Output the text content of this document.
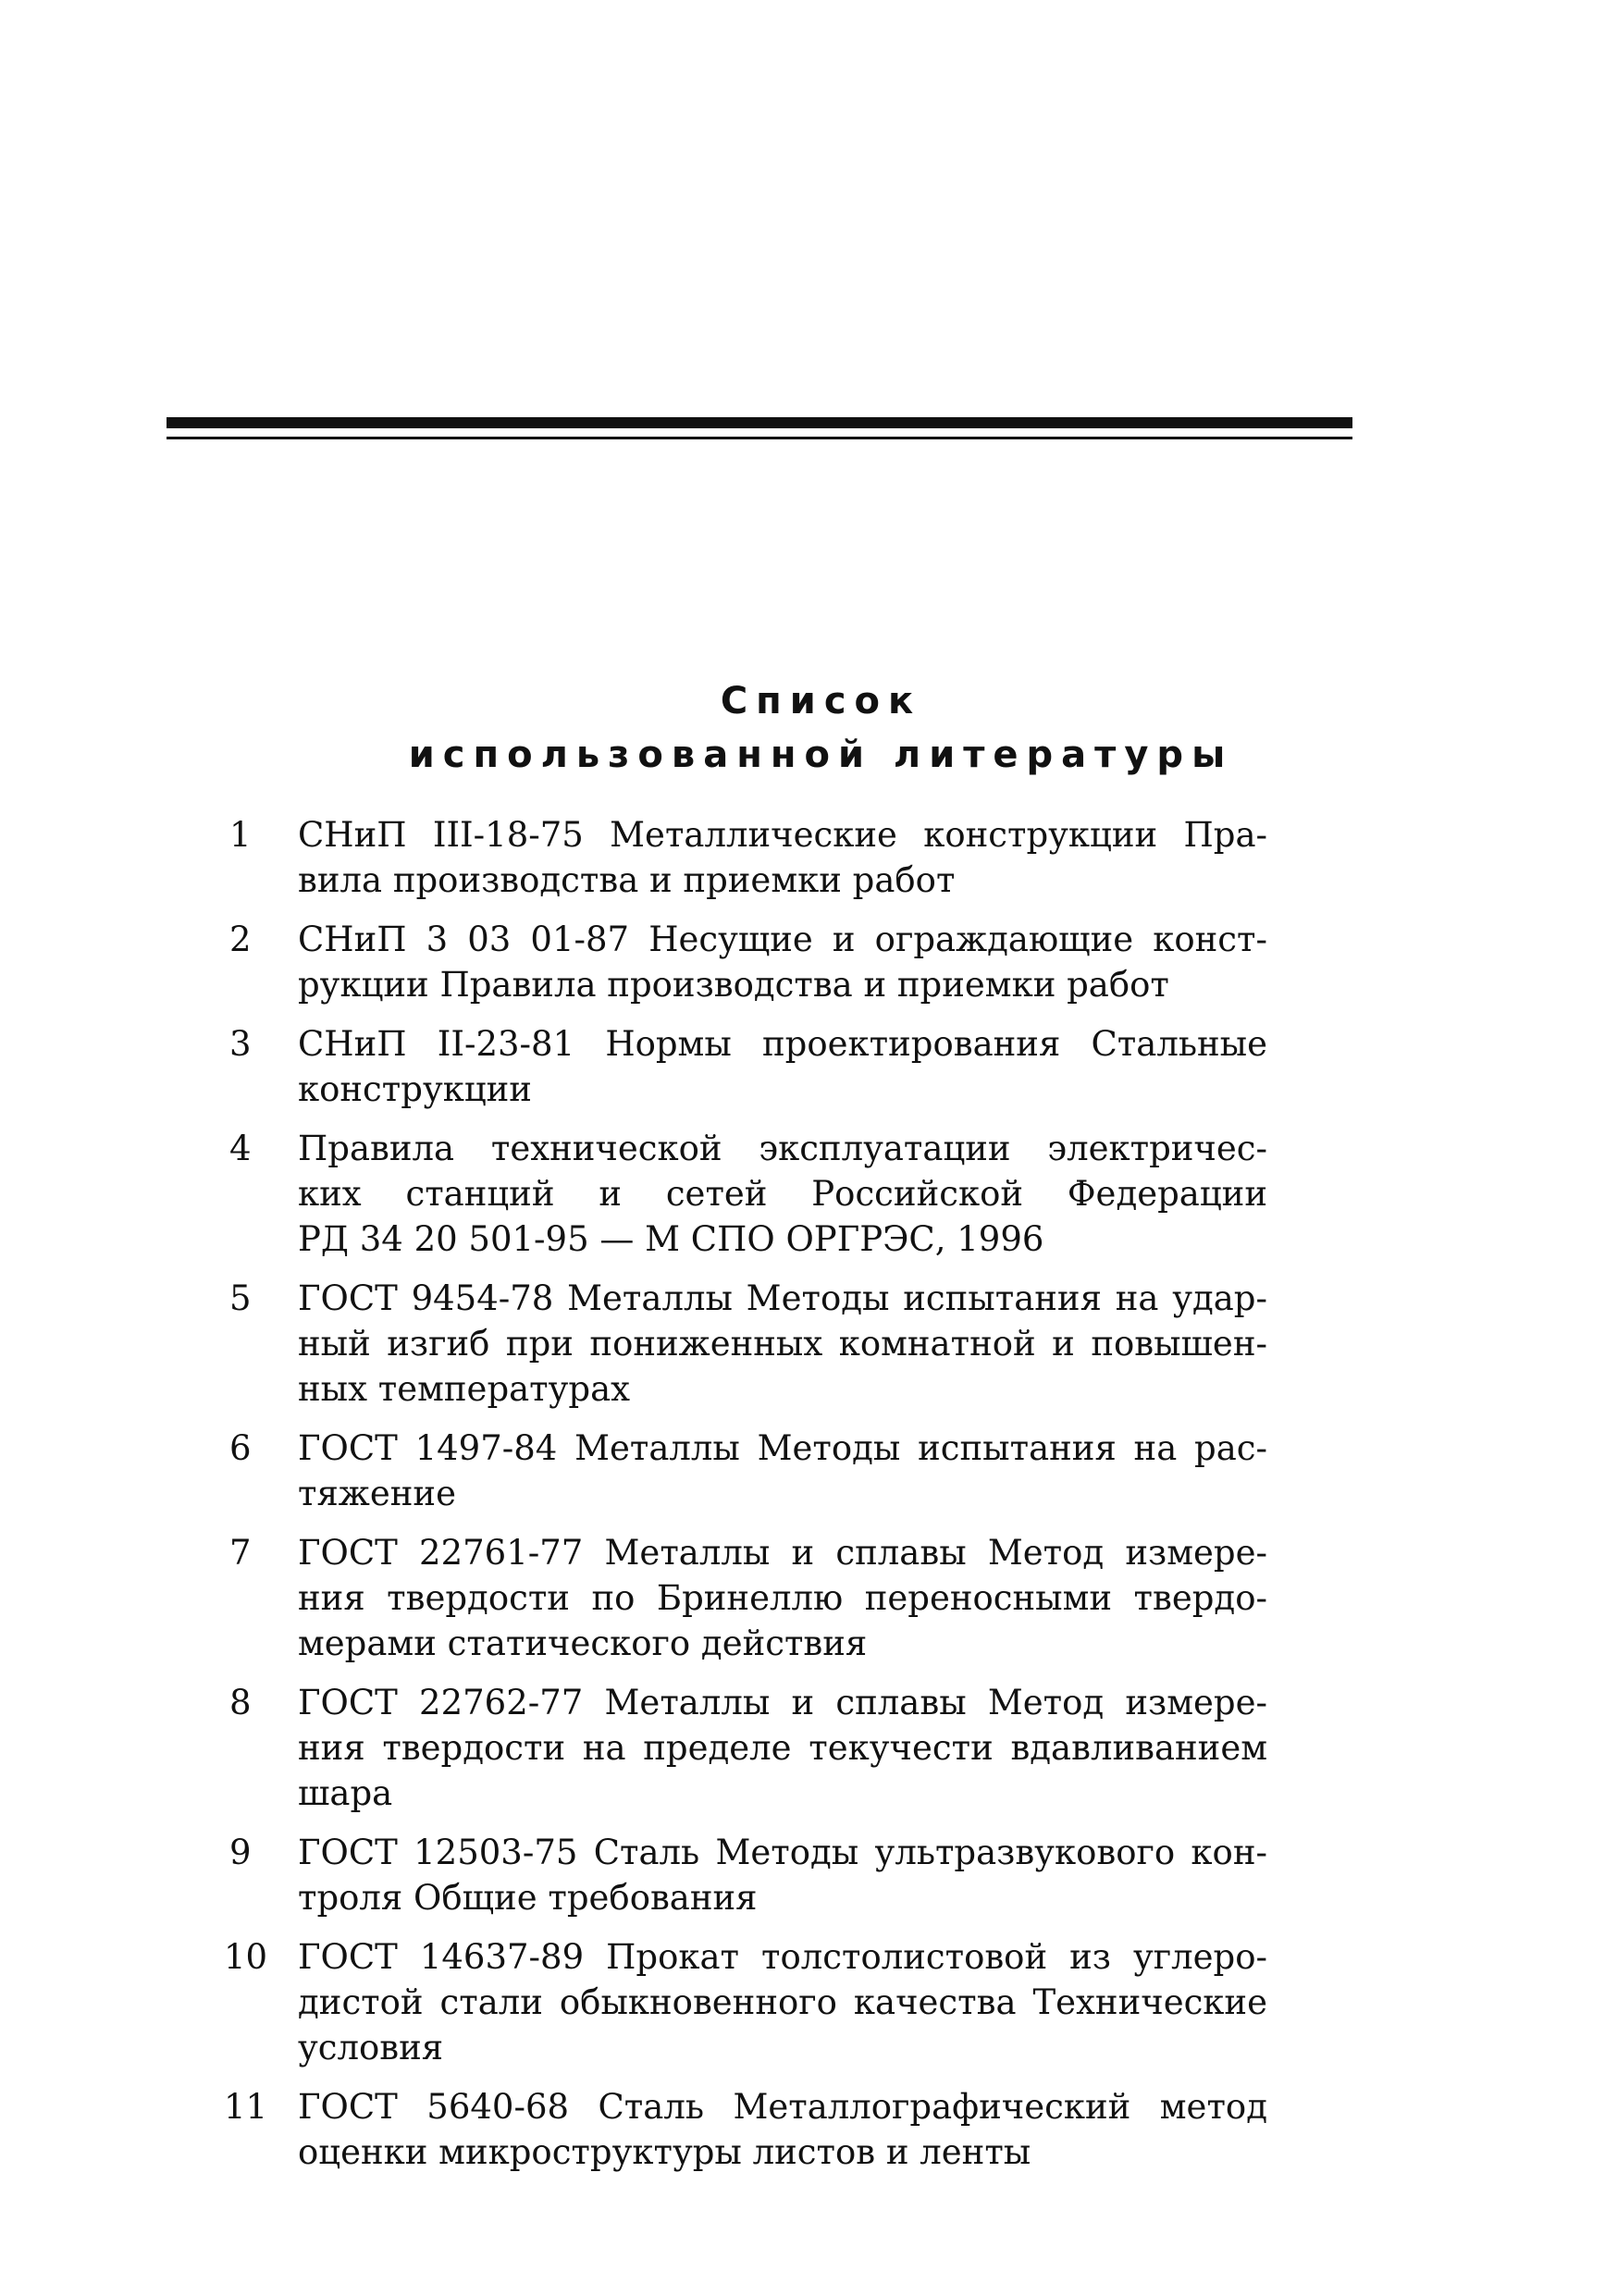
Список
использованной литературы
1	СНиП III-18-75 Металлические конструкции Пра-
вила производства и приемки работ
2	СНиП 3 03 01-87 Несущие и ограждающие конст-
рукции Правила производства и приемки работ
3	СНиП II-23-81 Нормы проектирования Стальные
конструкции
4	Правила технической эксплуатации электричес-
ких станций и сетей Российской Федерации
РД 34 20 501-95 — М СПО ОРГРЭС, 1996
5	ГОСТ 9454-78 Металлы Методы испытания на удар-
ный изгиб при пониженных комнатной и повышен-
ных температурах
6	ГОСТ 1497-84 Металлы Методы испытания на рас-
тяжение
7	ГОСТ 22761-77 Металлы и сплавы Метод измере-
ния твердости по Бринеллю переносными твердо-
мерами статического действия
8	ГОСТ 22762-77 Металлы и сплавы Метод измере-
ния твердости на пределе текучести вдавливанием
шара
9	ГОСТ 12503-75 Сталь Методы ультразвукового кон-
троля Общие требования
10 ГОСТ 14637-89 Прокат толстолистовой из углеро-
дистой стали обыкновенного качества Технические
условия
11 ГОСТ 5640-68 Сталь Металлографический метод
оценки микроструктуры листов и ленты
